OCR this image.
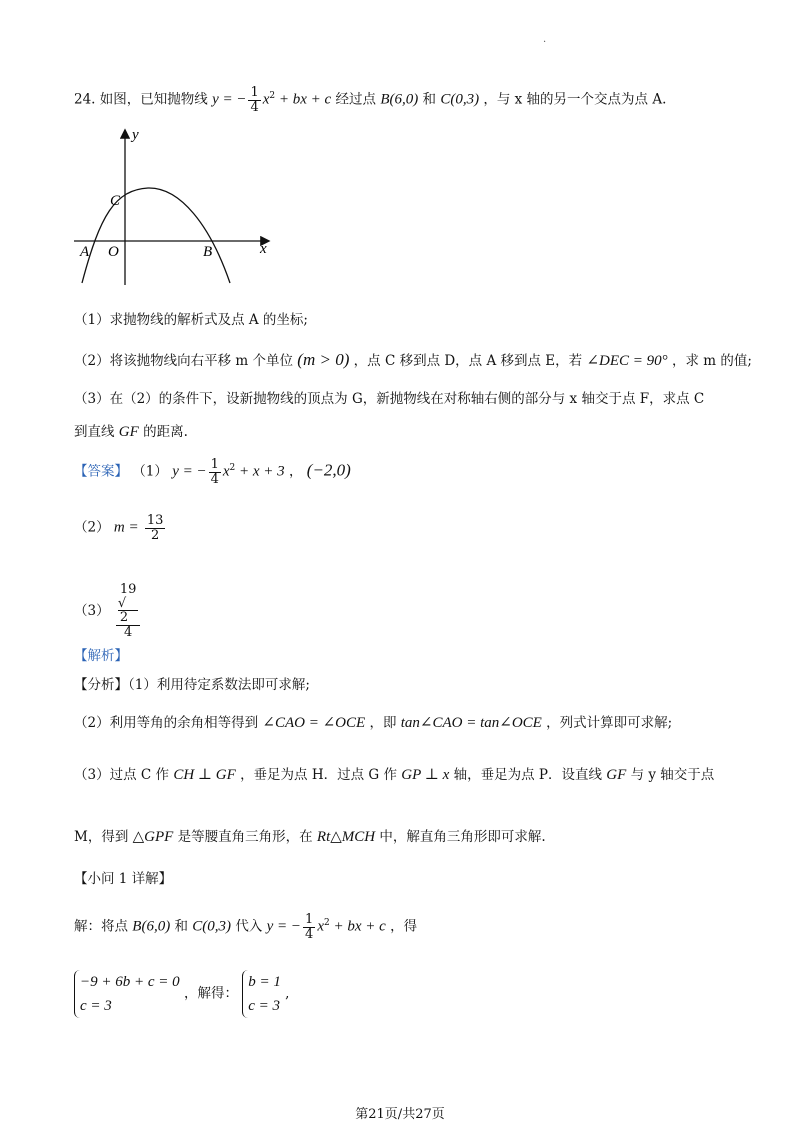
.
24. 如图，已知抛物线 y = − $\frac{1}{4} x^2$ + bx + c 经过点 B(6,0) 和 C(0,3) ，与 x 轴的另一个交点为点 A.
y
x
C
A O	B
（1）求抛物线的解析式及点 A 的坐标;
（2）将该抛物线向右平移 m 个单位 (m > 0) ，点 C 移到点 D，点 A 移到点 E，若 ∠DEC = 90° ，求 m 的值;
（3）在（2）的条件下，设新抛物线的顶点为 G，新抛物线在对称轴右侧的部分与 x 轴交于点 F，求点 C
到直线 GF 的距离.
【答案】 （1） y = − $\frac{1}{4} x^2 + x + 3$ ， (−2,0)
（2） $m = \frac{13}{2}$
（3） 19
√
2
4
【解析】
【分析】（1）利用待定系数法即可求解;
（2）利用等角的余角相等得到 ∠CAO = ∠OCE ，即 tan∠CAO = tan∠OCE ，列式计算即可求解;
（3）过点 C 作 CH ⊥ GF ，垂足为点 H．过点 G 作 GP ⊥ x 轴，垂足为点 P．设直线 GF 与 y 轴交于点
M，得到 △GPF 是等腰直角三角形，在 Rt△MCH 中，解直角三角形即可求解.
【小问 1 详解】
解：将点 B(6,0) 和 C(0,3) 代入 y = − $\frac{1}{4} x^2$ + bx + c ，得
−9 + 6b + c = 0
c = 3
，解得：
b = 1
c = 3
,
第21页/共27页
